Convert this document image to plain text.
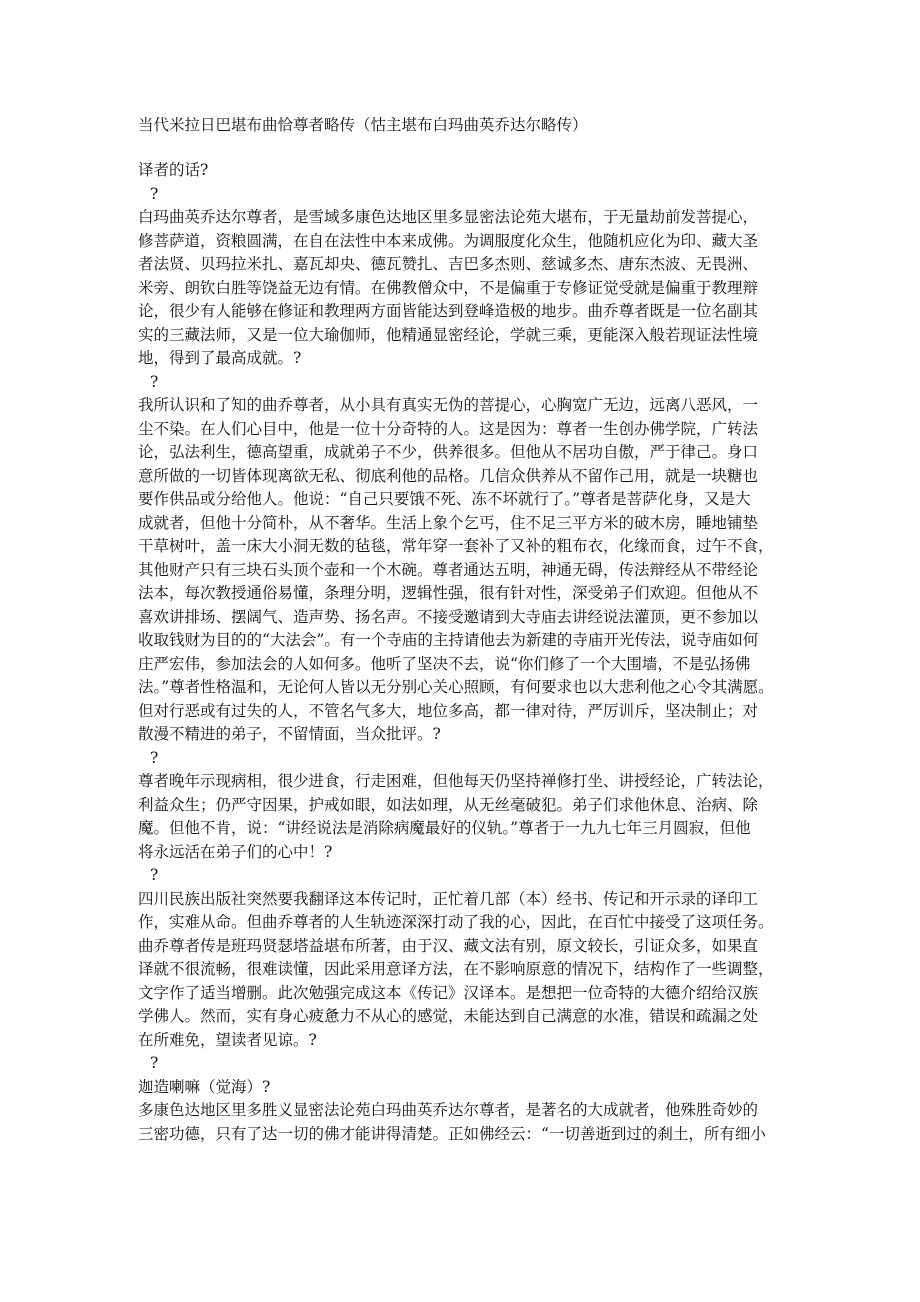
当代米拉日巴堪布曲恰尊者略传（怙主堪布白玛曲英乔达尔略传）
译者的话?
?
白玛曲英乔达尔尊者，是雪域多康色达地区里多显密法论苑大堪布，于无量劫前发菩提心，
修菩萨道，资粮圆满，在自在法性中本来成佛。为调服度化众生，他随机应化为印、藏大圣
者法贤、贝玛拉米扎、嘉瓦却央、德瓦赞扎、吉巴多杰则、慈诚多杰、唐东杰波、无畏洲、
米旁、朗钦白胜等饶益无边有情。在佛教僧众中，不是偏重于专修证觉受就是偏重于教理辩
论，很少有人能够在修证和教理两方面皆能达到登峰造极的地步。曲乔尊者既是一位名副其
实的三藏法师，又是一位大瑜伽师，他精通显密经论，学就三乘，更能深入般若现证法性境
地，得到了最高成就。?
?
我所认识和了知的曲乔尊者，从小具有真实无伪的菩提心，心胸宽广无边，远离八恶风，一
尘不染。在人们心目中，他是一位十分奇特的人。这是因为：尊者一生创办佛学院，广转法
论，弘法利生，德高望重，成就弟子不少，供养很多。但他从不居功自傲，严于律己。身口
意所做的一切皆体现离欲无私、彻底利他的品格。几信众供养从不留作己用，就是一块糖也
要作供品或分给他人。他说：“自己只要饿不死、冻不坏就行了。”尊者是菩萨化身，又是大
成就者，但他十分简朴，从不奢华。生活上象个乞丐，住不足三平方米的破木房，睡地铺垫
干草树叶，盖一床大小洞无数的毡毯，常年穿一套补了又补的粗布衣，化缘而食，过午不食，
其他财产只有三块石头顶个壶和一个木碗。尊者通达五明，神通无碍，传法辩经从不带经论
法本，每次教授通俗易懂，条理分明，逻辑性强，很有针对性，深受弟子们欢迎。但他从不
喜欢讲排场、摆阔气、造声势、扬名声。不接受邀请到大寺庙去讲经说法灌顶，更不参加以
收取钱财为目的的“大法会”。有一个寺庙的主持请他去为新建的寺庙开光传法，说寺庙如何
庄严宏伟，参加法会的人如何多。他听了坚决不去，说“你们修了一个大围墙，不是弘扬佛
法。”尊者性格温和，无论何人皆以无分别心关心照顾，有何要求也以大悲利他之心令其满愿。
但对行恶或有过失的人，不管名气多大，地位多高，都一律对待，严厉训斥，坚决制止；对
散漫不精进的弟子，不留情面，当众批评。?
?
尊者晚年示现病相，很少进食，行走困难，但他每天仍坚持禅修打坐、讲授经论，广转法论，
利益众生；仍严守因果，护戒如眼，如法如理，从无丝毫破犯。弟子们求他休息、治病、除
魔。但他不肯，说：“讲经说法是消除病魔最好的仪轨。”尊者于一九九七年三月圆寂，但他
将永远活在弟子们的心中！?
?
四川民族出版社突然要我翻译这本传记时，正忙着几部（本）经书、传记和开示录的译印工
作，实难从命。但曲乔尊者的人生轨迹深深打动了我的心，因此，在百忙中接受了这项任务。
曲乔尊者传是班玛贤瑟塔益堪布所著，由于汉、藏文法有别，原文较长，引证众多，如果直
译就不很流畅，很难读懂，因此采用意译方法，在不影响原意的情况下，结构作了一些调整，
文字作了适当增删。此次勉强完成这本《传记》汉译本。是想把一位奇特的大德介绍给汉族
学佛人。然而，实有身心疲惫力不从心的感觉，未能达到自己满意的水准，错误和疏漏之处
在所难免，望读者见谅。?
?
迦造喇嘛（觉海）?
多康色达地区里多胜义显密法论苑白玛曲英乔达尔尊者，是著名的大成就者，他殊胜奇妙的
三密功德，只有了达一切的佛才能讲得清楚。正如佛经云：“一切善逝到过的刹土，所有细小
